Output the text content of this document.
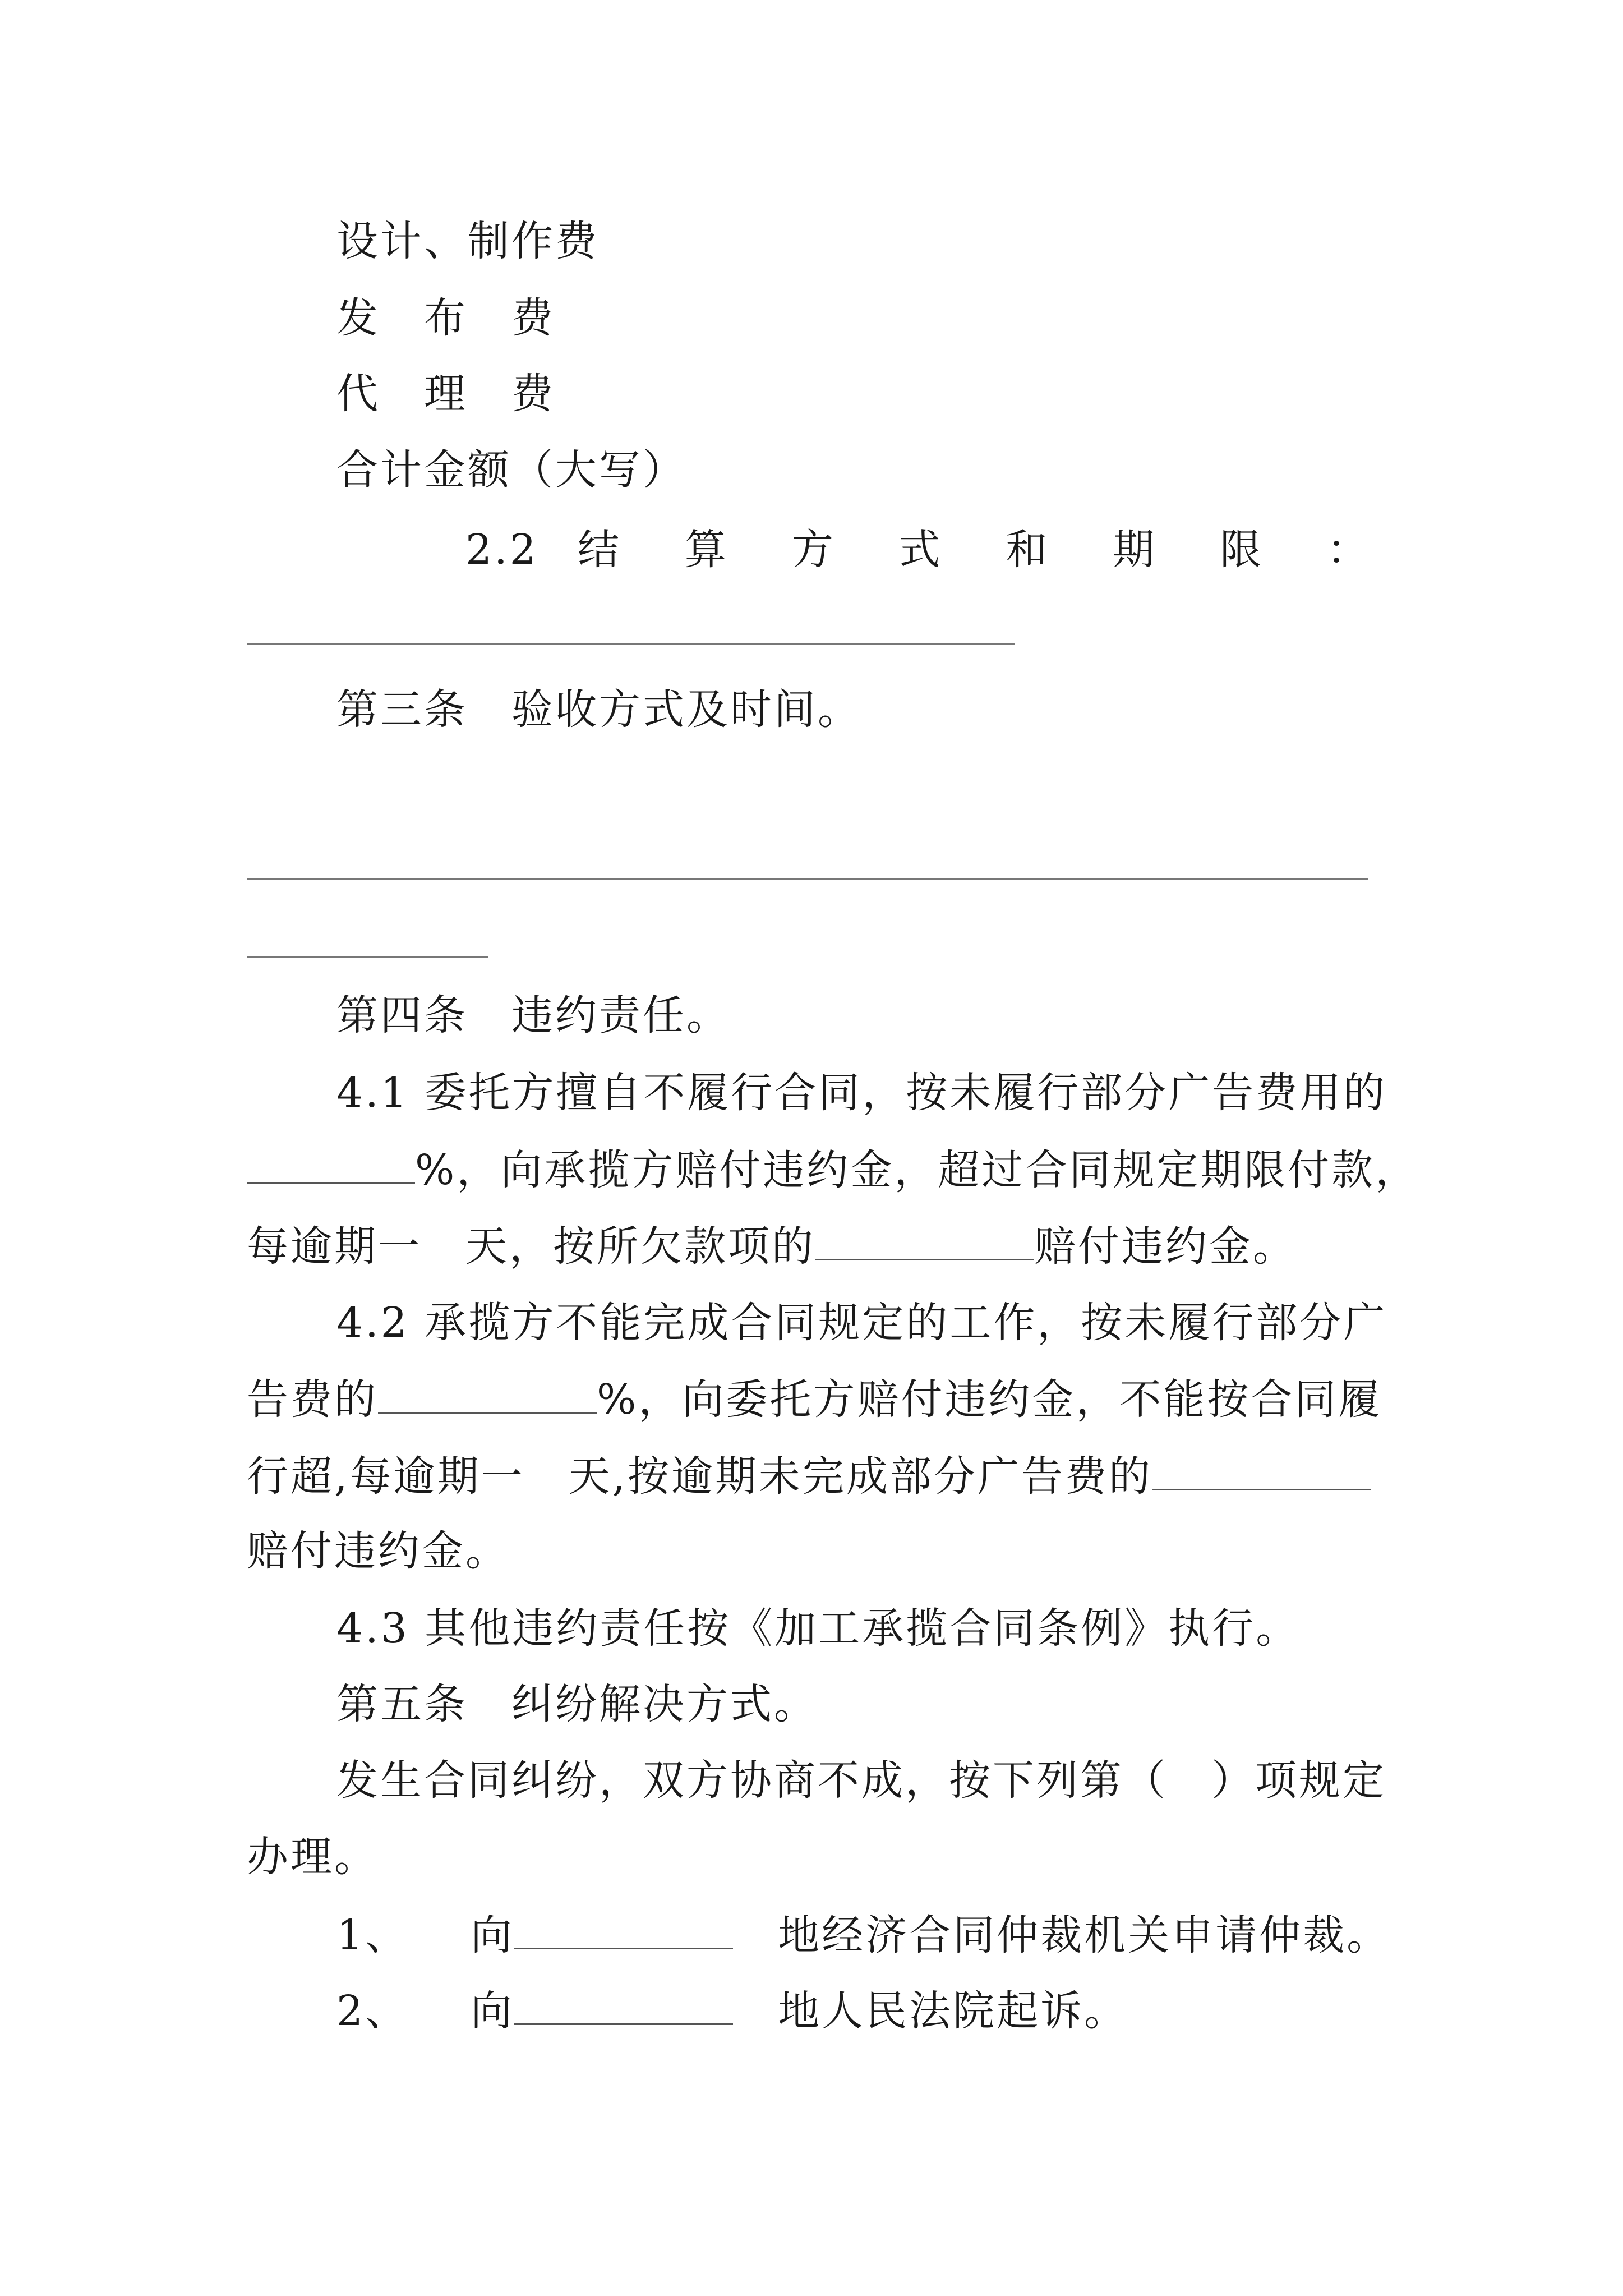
设计、制作费
发　布　费
代　理　费
合计金额（大写）
2.2 结 算 方 式 和 期 限 ：
第三条　验收方式及时间。
第四条　违约责任。
4.1 委托方擅自不履行合同，按未履行部分广告费用的
%，向承揽方赔付违约金，超过合同规定期限付款，
每逾期一　天，按所欠款项的	赔付违约金。
4.2 承揽方不能完成合同规定的工作，按未履行部分广
告费的	%，向委托方赔付违约金，不能按合同履
行超,每逾期一　天,按逾期未完成部分广告费的
赔付违约金。
4.3 其他违约责任按《加工承揽合同条例》执行。
第五条　纠纷解决方式。
发生合同纠纷，双方协商不成，按下列第（　）项规定
办理。
1、 向	地经济合同仲裁机关申请仲裁。
2、 向	地人民法院起诉。
